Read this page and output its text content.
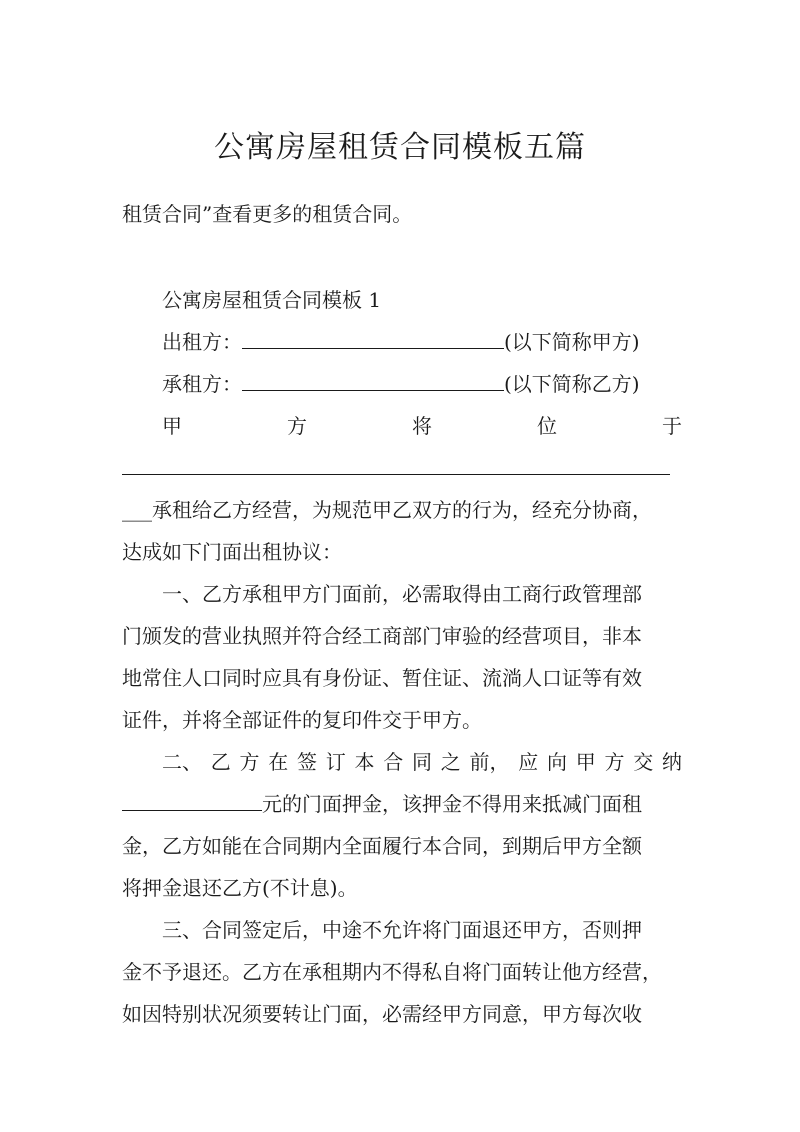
公寓房屋租赁合同模板五篇
租赁合同”查看更多的租赁合同。
公寓房屋租赁合同模板 1
出租方：	(以下简称甲方)
承租方：	(以下简称乙方)
甲	方	将	位	于
___承租给乙方经营，为规范甲乙双方的行为，经充分协商，
达成如下门面出租协议：
一、乙方承租甲方门面前，必需取得由工商行政管理部
门颁发的营业执照并符合经工商部门审验的经营项目，非本
地常住人口同时应具有身份证、暂住证、流淌人口证等有效
证件，并将全部证件的复印件交于甲方。
二、 乙 方 在 签 订 本 合 同 之 前， 应 向 甲 方 交 纳
元的门面押金，该押金不得用来抵减门面租
金，乙方如能在合同期内全面履行本合同，到期后甲方全额
将押金退还乙方(不计息)。
三、合同签定后，中途不允许将门面退还甲方，否则押
金不予退还。乙方在承租期内不得私自将门面转让他方经营，
如因特别状况须要转让门面，必需经甲方同意，甲方每次收
